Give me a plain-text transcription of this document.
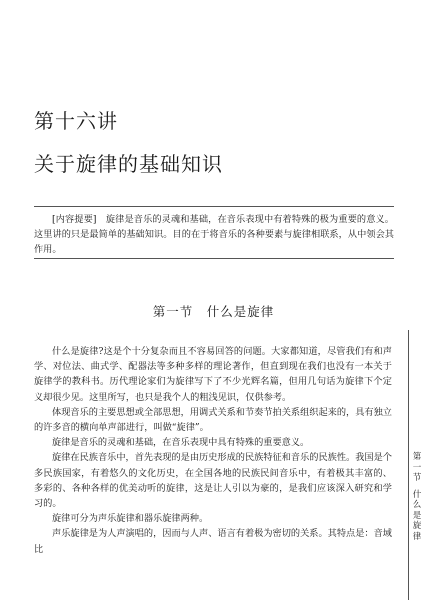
第十六讲
关于旋律的基础知识

[内容提要]　旋律是音乐的灵魂和基础，在音乐表现中有着特殊的极为重要的意义。这里讲的只是最简单的基础知识。目的在于将音乐的各种要素与旋律相联系，从中领会其作用。

第一节　什么是旋律

什么是旋律?这是个十分复杂而且不容易回答的问题。大家都知道，尽管我们有和声学、对位法、曲式学、配器法等多种多样的理论著作，但直到现在我们也没有一本关于旋律学的教科书。历代理论家们为旋律写下了不少光辉名篇，但用几句话为旋律下个定义却很少见。这里所写，也只是我个人的粗浅见识，仅供参考。

体现音乐的主要思想或全部思想，用调式关系和节奏节拍关系组织起来的，具有独立的许多音的横向单声部进行，叫做“旋律”。

旋律是音乐的灵魂和基础，在音乐表现中具有特殊的重要意义。

旋律在民族音乐中，首先表现的是由历史形成的民族特征和音乐的民族性。我国是个多民族国家，有着悠久的文化历史，在全国各地的民族民间音乐中，有着极其丰富的、多彩的、各种各样的优美动听的旋律，这是让人引以为豪的，是我们应该深入研究和学习的。

旋律可分为声乐旋律和器乐旋律两种。

声乐旋律是为人声演唱的，因而与人声、语言有着极为密切的关系。其特点是：音域比

第一节
什么是旋律
